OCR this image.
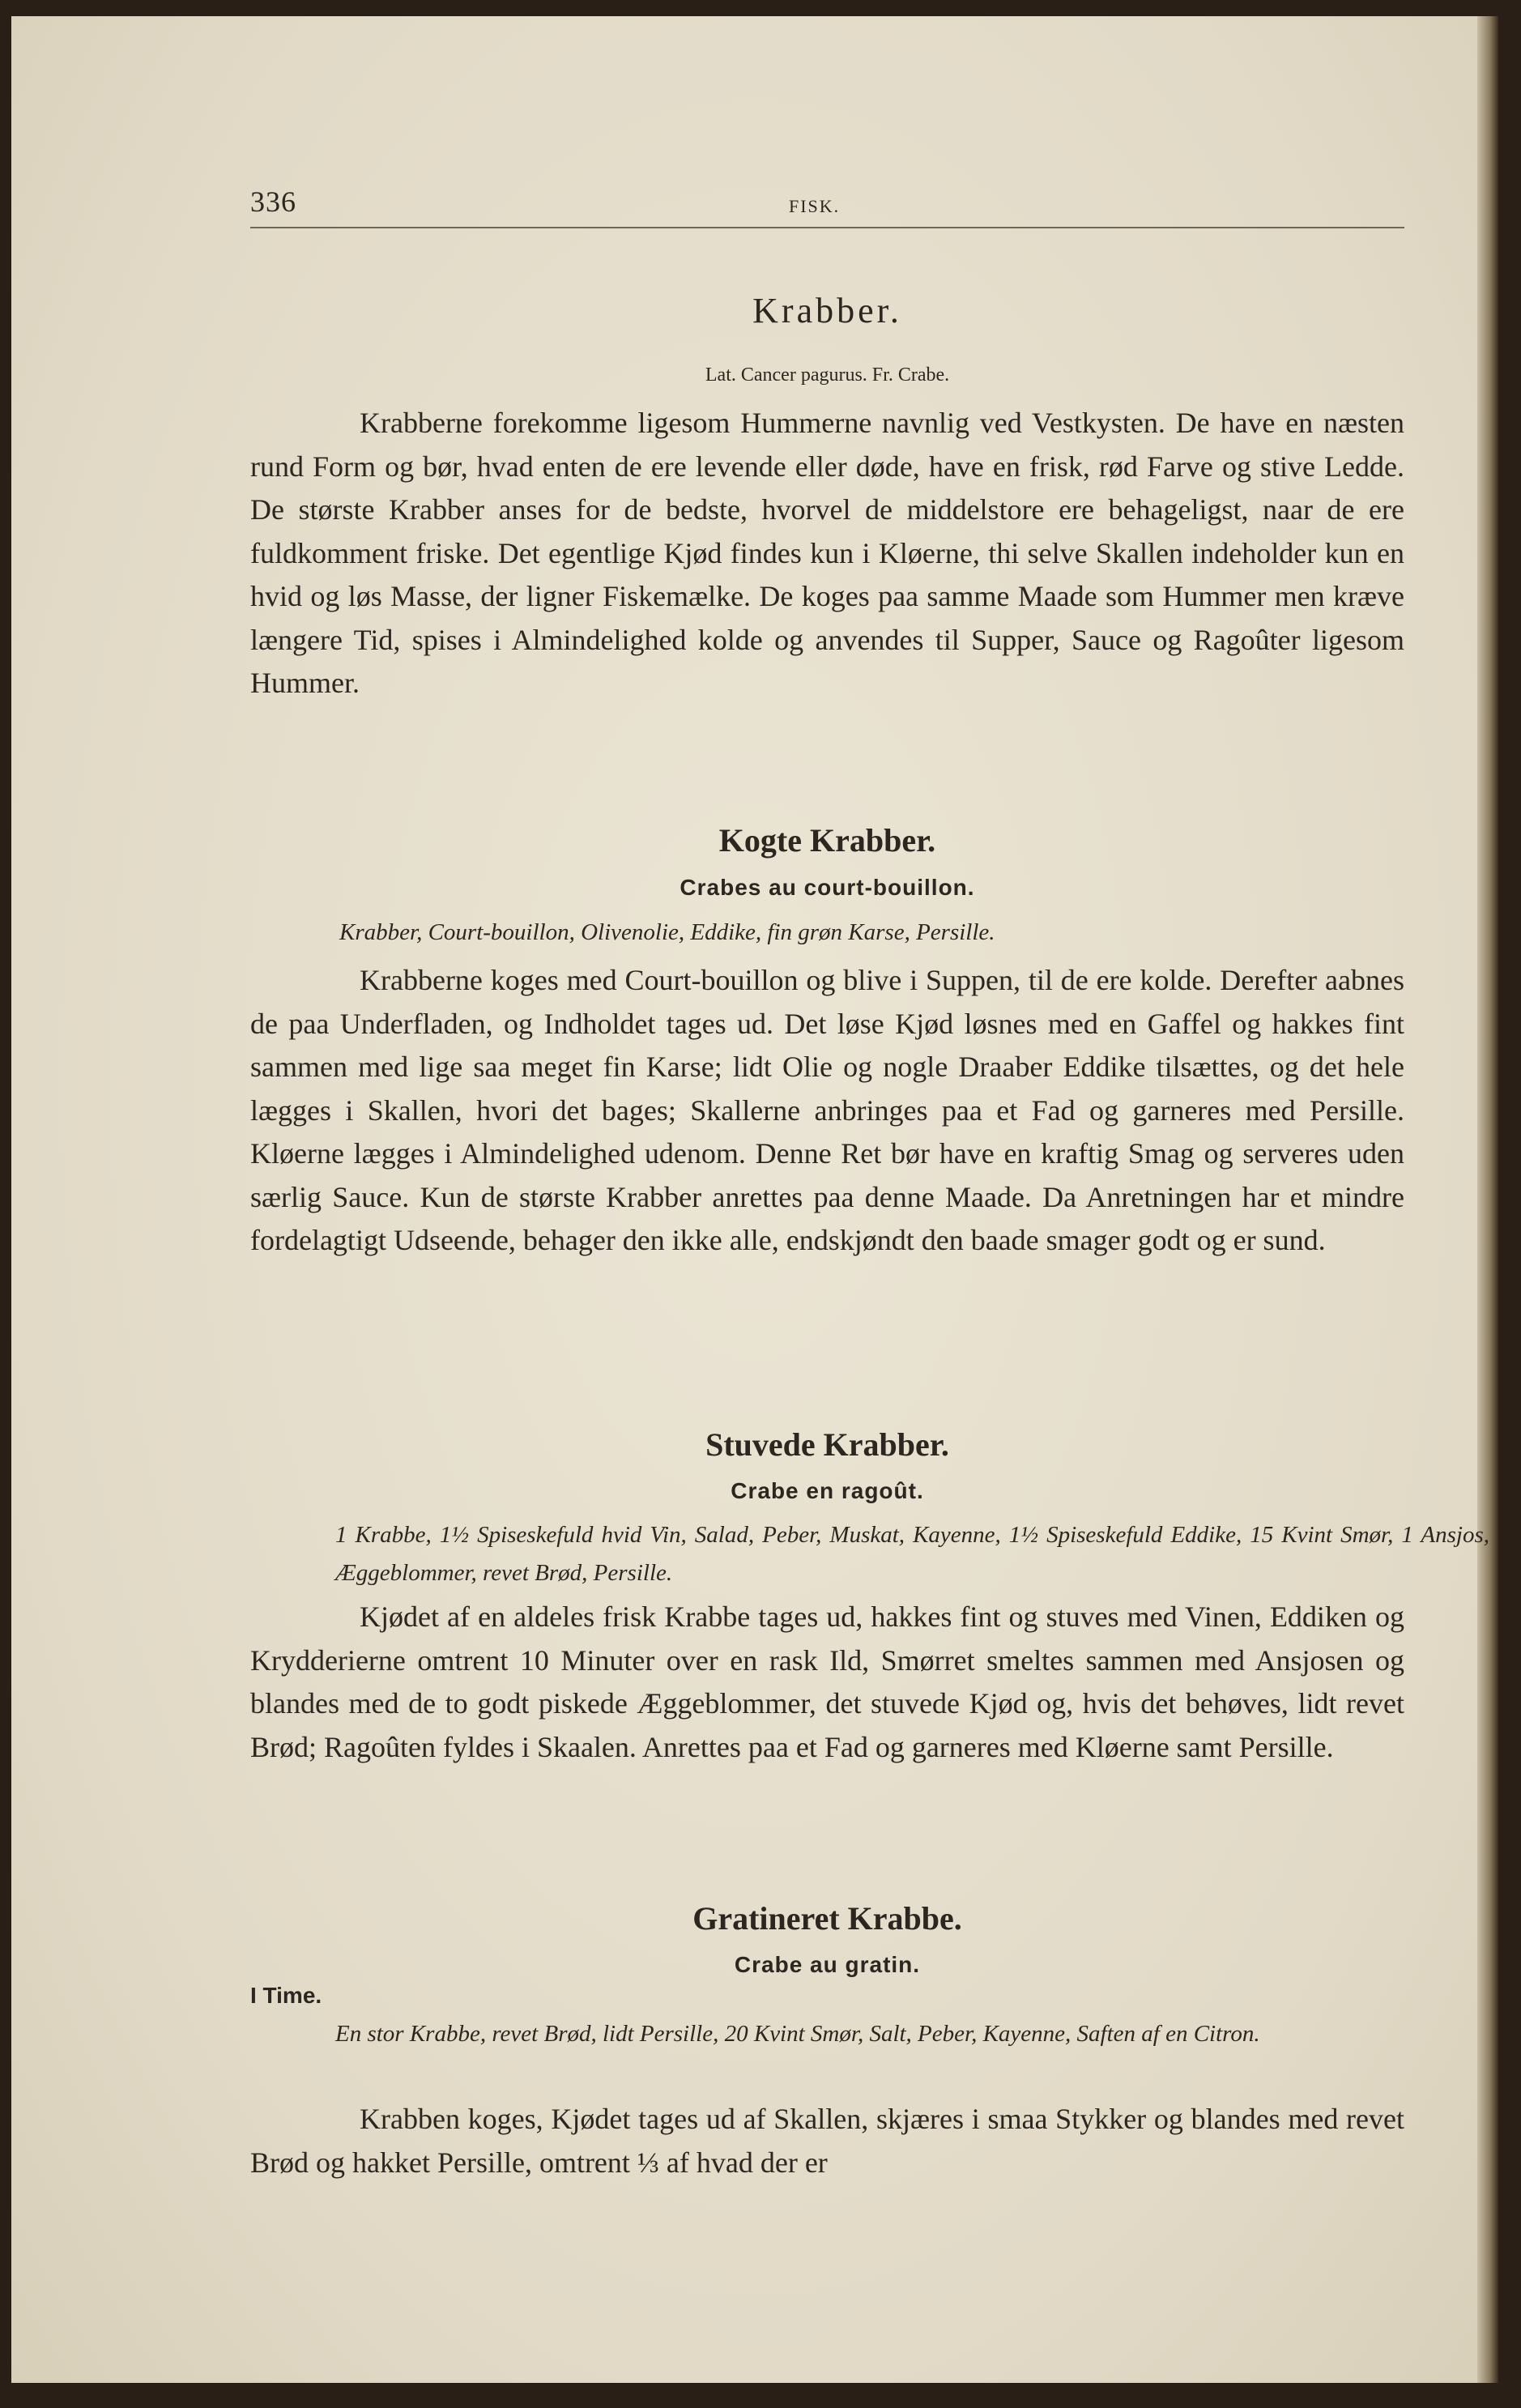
336	FISK.
Krabber.
Lat. Cancer pagurus. Fr. Crabe.
Krabberne forekomme ligesom Hummerne navnlig ved Vestkysten. De have en næsten rund Form og bør, hvad enten de ere levende eller døde, have en frisk, rød Farve og stive Ledde. De største Krabber anses for de bedste, hvorvel de middelstore ere behageligst, naar de ere fuldkomment friske. Det egentlige Kjød findes kun i Kløerne, thi selve Skallen indeholder kun en hvid og løs Masse, der ligner Fiskemælke. De koges paa samme Maade som Hummer men kræve længere Tid, spises i Almindelighed kolde og anvendes til Supper, Sauce og Ragoûter ligesom Hummer.
Kogte Krabber.
Crabes au court-bouillon.
Krabber, Court-bouillon, Olivenolie, Eddike, fin grøn Karse, Persille.
Krabberne koges med Court-bouillon og blive i Suppen, til de ere kolde. Derefter aabnes de paa Underfladen, og Indholdet tages ud. Det løse Kjød løsnes med en Gaffel og hakkes fint sammen med lige saa meget fin Karse; lidt Olie og nogle Draaber Eddike tilsættes, og det hele lægges i Skallen, hvori det bages; Skallerne anbringes paa et Fad og garneres med Persille. Kløerne lægges i Almindelighed udenom. Denne Ret bør have en kraftig Smag og serveres uden særlig Sauce. Kun de største Krabber anrettes paa denne Maade. Da Anretningen har et mindre fordelagtigt Udseende, behager den ikke alle, endskjøndt den baade smager godt og er sund.
Stuvede Krabber.
Crabe en ragoût.
1 Krabbe, 1½ Spiseskefuld hvid Vin, Salad, Peber, Muskat, Kayenne, 1½ Spiseskefuld Eddike, 15 Kvint Smør, 1 Ansjos, Æggeblommer, revet Brød, Persille.
Kjødet af en aldeles frisk Krabbe tages ud, hakkes fint og stuves med Vinen, Eddiken og Krydderierne omtrent 10 Minuter over en rask Ild, Smørret smeltes sammen med Ansjosen og blandes med de to godt piskede Æggeblommer, det stuvede Kjød og, hvis det behøves, lidt revet Brød; Ragoûten fyldes i Skaalen. Anrettes paa et Fad og garneres med Kløerne samt Persille.
Gratineret Krabbe.
Crabe au gratin.
I Time.
En stor Krabbe, revet Brød, lidt Persille, 20 Kvint Smør, Salt, Peber, Kayenne, Saften af en Citron.
Krabben koges, Kjødet tages ud af Skallen, skjæres i smaa Stykker og blandes med revet Brød og hakket Persille, omtrent ⅓ af hvad der er
